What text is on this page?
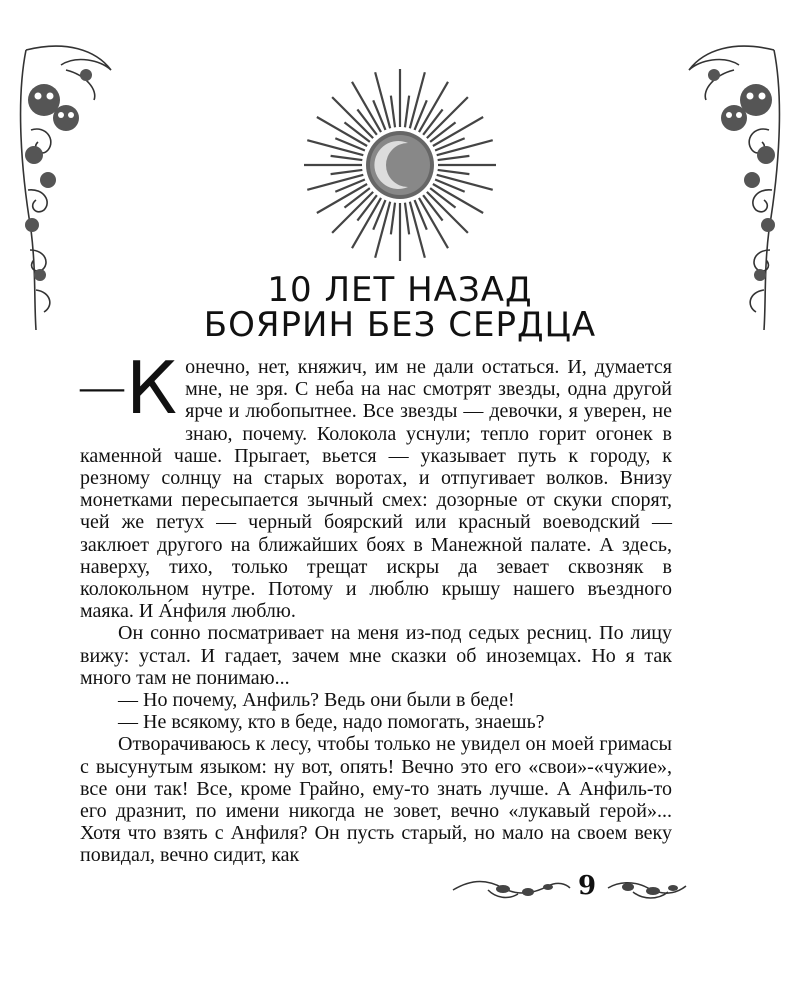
10 ЛЕТ НАЗАД
БОЯРИН БЕЗ СЕРДЦА

— К онечно, нет, княжич, им не дали остаться. И, думается мне, не зря. С неба на нас смотрят звезды, одна другой ярче и любопытнее. Все звезды — девочки, я уверен, не знаю, почему. Колокола уснули; тепло горит огонек в каменной чаше. Прыгает, вьется — указывает путь к городу, к резному солнцу на старых воротах, и отпугивает волков. Внизу монетками пересыпается зычный смех: дозорные от скуки спорят, чей же петух — черный боярский или красный воеводский — заклюет другого на ближайших боях в Манежной палате. А здесь, наверху, тихо, только трещат искры да зевает сквозняк в колокольном нутре. Потому и люблю крышу нашего въездного маяка. И А́нфиля люблю.

Он сонно посматривает на меня из-под седых ресниц. По лицу вижу: устал. И гадает, зачем мне сказки об иноземцах. Но я так много там не понимаю...

— Но почему, Анфиль? Ведь они были в беде!

— Не всякому, кто в беде, надо помогать, знаешь?

Отворачиваюсь к лесу, чтобы только не увидел он моей гримасы с высунутым языком: ну вот, опять! Вечно это его «свои»-«чужие», все они так! Все, кроме Грайно, ему-то знать лучше. А Анфиль-то его дразнит, по имени никогда не зовет, вечно «лукавый герой»... Хотя что взять с Анфиля? Он пусть старый, но мало на своем веку повидал, вечно сидит, как

9
